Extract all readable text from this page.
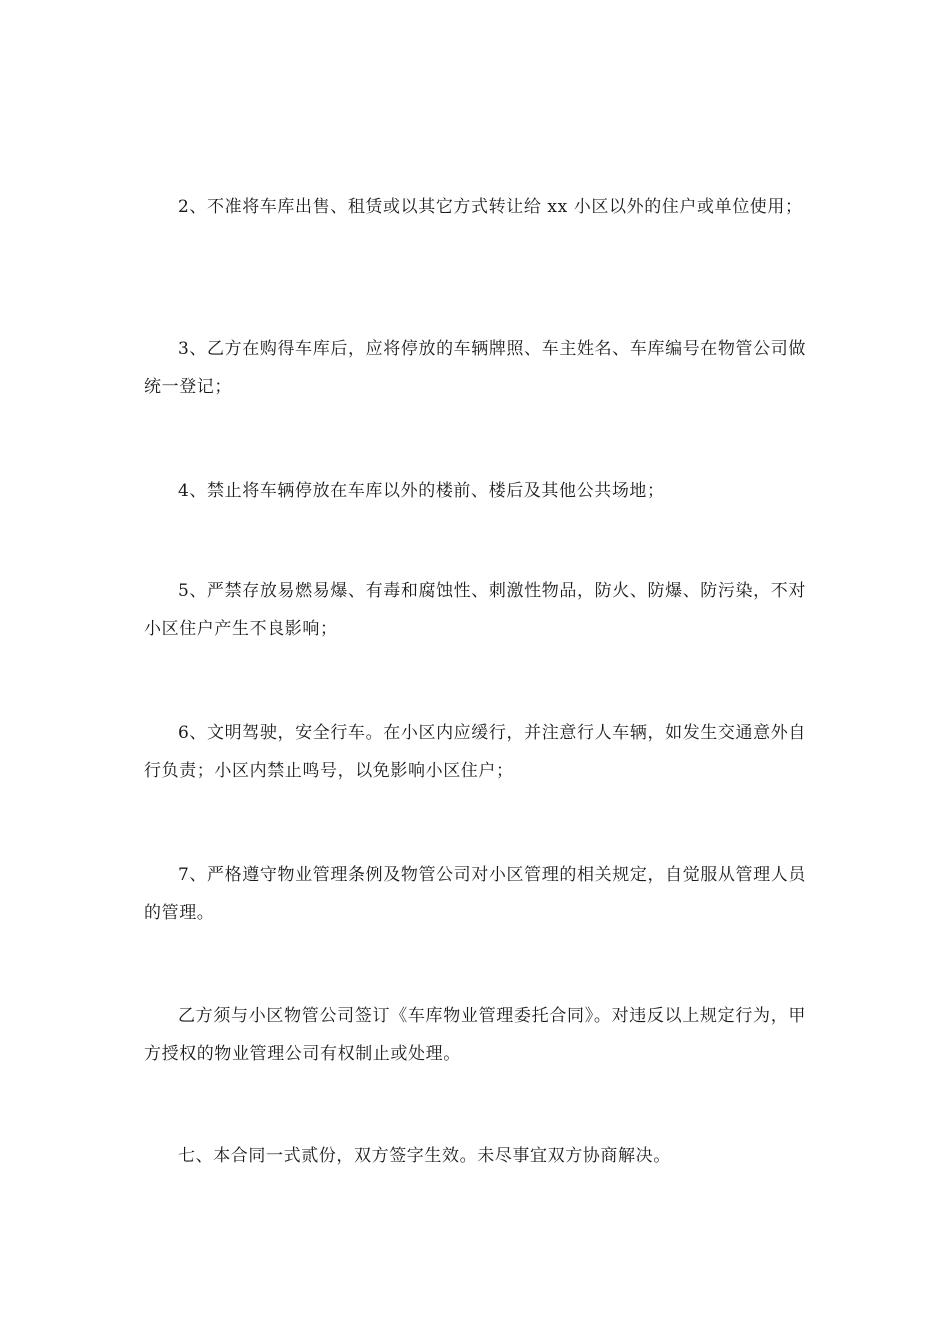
2、不准将车库出售、租赁或以其它方式转让给 xx 小区以外的住户或单位使用；

3、乙方在购得车库后，应将停放的车辆牌照、车主姓名、车库编号在物管公司做统一登记；

4、禁止将车辆停放在车库以外的楼前、楼后及其他公共场地；

5、严禁存放易燃易爆、有毒和腐蚀性、刺激性物品，防火、防爆、防污染，不对小区住户产生不良影响；

6、文明驾驶，安全行车。在小区内应缓行，并注意行人车辆，如发生交通意外自行负责；小区内禁止鸣号，以免影响小区住户；

7、严格遵守物业管理条例及物管公司对小区管理的相关规定，自觉服从管理人员的管理。

乙方须与小区物管公司签订《车库物业管理委托合同》。对违反以上规定行为，甲方授权的物业管理公司有权制止或处理。

七、本合同一式贰份，双方签字生效。未尽事宜双方协商解决。
